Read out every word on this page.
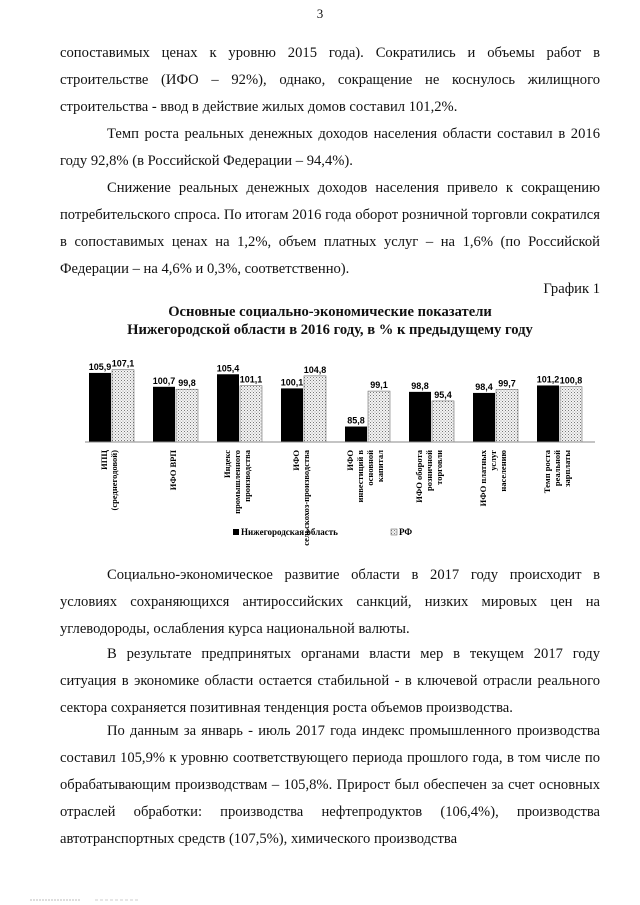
3

сопоставимых ценах к уровню 2015 года). Сократились и объемы работ в строительстве (ИФО – 92%), однако, сокращение не коснулось жилищного строительства - ввод в действие жилых домов составил 101,2%.

Темп роста реальных денежных доходов населения области составил в 2016 году 92,8% (в Российской Федерации – 94,4%).

Снижение реальных денежных доходов населения привело к сокращению потребительского спроса. По итогам 2016 года оборот розничной торговли сократился в сопоставимых ценах на 1,2%, объем платных услуг – на 1,6% (по Российской Федерации – на 4,6% и 0,3%, соответственно).

График 1
Основные социально-экономические показатели
Нижегородской области в 2016 году, в % к предыдущему году
105,9 107,1
ИПЦ(среднегодовой)
100,7 99,8
ИФО ВРП
105,4
101,1
Индекспромышленногопроизводства
100,1
104,8
ИФОсельскохоз-производства
85,8
99,1
ИФОинвестиций восновнойкапитал
98,8
95,4
ИФО оборотарозничнойторговли
98,4 99,7
ИФО платныхуслугнаселению
101,2 100,8
Темп ростареальнойзарплаты
Нижегородская область	РФ

Социально-экономическое развитие области в 2017 году происходит в условиях сохраняющихся антироссийских санкций, низких мировых цен на углеводороды, ослабления курса национальной валюты.

В результате предпринятых органами власти мер в текущем 2017 году ситуация в экономике области остается стабильной - в ключевой отрасли реального сектора сохраняется позитивная тенденция роста объемов производства.

По данным за январь - июль 2017 года индекс промышленного производства составил 105,9% к уровню соответствующего периода прошлого года, в том числе по обрабатывающим производствам – 105,8%. Прирост был обеспечен за счет основных отраслей обработки: производства нефтепродуктов (106,4%), производства автотранспортных средств (107,5%), химического производства
